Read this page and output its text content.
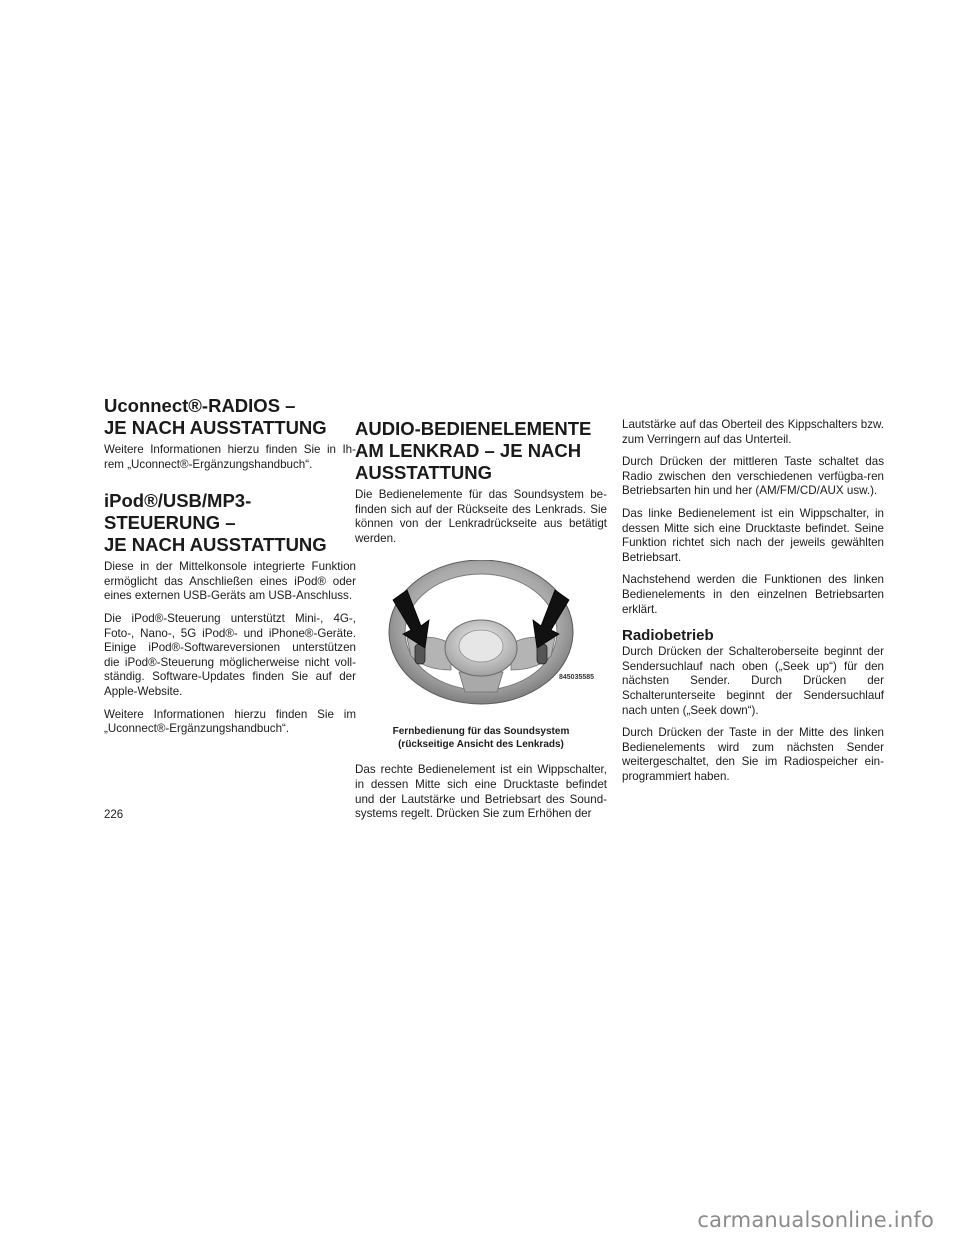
Uconnect®-RADIOS –
JE NACH AUSSTATTUNG

Weitere Informationen hierzu finden Sie in Ih-rem „Uconnect®-Ergänzungshandbuch“.

iPod®/USB/MP3-STEUERUNG –
JE NACH AUSSTATTUNG

Diese in der Mittelkonsole integrierte Funktion ermöglicht das Anschließen eines iPod® oder eines externen USB-Geräts am USB-Anschluss.

Die iPod®-Steuerung unterstützt Mini-, 4G-, Foto-, Nano-, 5G iPod®- und iPhone®-Geräte. Einige iPod®-Softwareversionen unterstützen die iPod®-Steuerung möglicherweise nicht voll-ständig. Software-Updates finden Sie auf der Apple-Website.

Weitere Informationen hierzu finden Sie im „Uconnect®-Ergänzungshandbuch“.

AUDIO-BEDIENELEMENTE
AM LENKRAD – JE NACH
AUSSTATTUNG

Die Bedienelemente für das Soundsystem be-finden sich auf der Rückseite des Lenkrads. Sie können von der Lenkradrückseite aus betätigt werden.

845035585
Fernbedienung für das Soundsystem
(rückseitige Ansicht des Lenkrads)

Das rechte Bedienelement ist ein Wippschalter, in dessen Mitte sich eine Drucktaste befindet und der Lautstärke und Betriebsart des Sound-systems regelt. Drücken Sie zum Erhöhen der

Lautstärke auf das Oberteil des Kippschalters bzw. zum Verringern auf das Unterteil.

Durch Drücken der mittleren Taste schaltet das Radio zwischen den verschiedenen verfügba-ren Betriebsarten hin und her (AM/FM/CD/AUX usw.).

Das linke Bedienelement ist ein Wippschalter, in dessen Mitte sich eine Drucktaste befindet. Seine Funktion richtet sich nach der jeweils gewählten Betriebsart.

Nachstehend werden die Funktionen des linken Bedienelements in den einzelnen Betriebsarten erklärt.

Radiobetrieb

Durch Drücken der Schalteroberseite beginnt der Sendersuchlauf nach oben („Seek up“) für den nächsten Sender. Durch Drücken der Schalterunterseite beginnt der Sendersuchlauf nach unten („Seek down“).

Durch Drücken der Taste in der Mitte des linken Bedienelements wird zum nächsten Sender weitergeschaltet, den Sie im Radiospeicher ein-programmiert haben.

226
carmanualsonline.info
